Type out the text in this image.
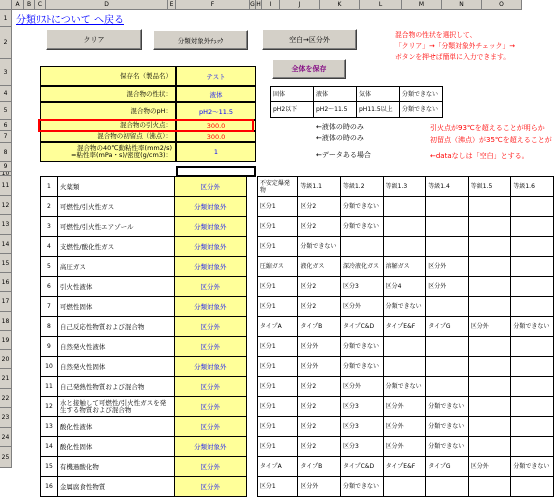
A	B	C	D	E	F	G H	I	J	K	L	M	N	O
1
2
3
4
5
6
7
8
9
10
11
12
13
14
15
16
17
18
19
20
21
22
23
24
25
分類ﾘｽﾄについて へ戻る
クリア	分類対象外ﾁｪｯｸ	空白→区分外
全体を保存
混合物の性状を選択して、
「クリア」→「分類対象外チェック」→
ボタンを押せば簡単に入力できます。
保存名（製品名）	テスト
混合物の性状：	液体
混合物のpH：	pH2～11.5
混合物の引火点：	300.0
混合物の初留点（沸点）：	300.0
混合物の40℃動粘性率(mm2/s)
=粘性率(mPa・s)/密度(g/cm3)：	1
固体	液体	気体	分類できない
pH2以下	pH2～11.5	pH11.5以上	分類できない
←液体の時のみ
←液体の時のみ
←データある場合
引火点が93℃を超えることが明らか
初留点（沸点）が35℃を超えることが
←dataなしは「空白」とする。
1	火薬類	区分外		不安定爆発物	等級1.1	等級1.2	等級1.3	等級1.4	等級1.5	等級1.6
2	可燃性/引火性ガス	分類対象外		区分1	区分2	分類できない				
3	可燃性/引火性エアゾール	分類対象外		区分1	区分2	分類できない				
4	支燃性/酸化性ガス	分類対象外		区分1	分類できない					
5	高圧ガス	分類対象外		圧縮ガス	液化ガス	深冷液化ガス	溶解ガス	区分外		
6	引火性液体	区分外		区分1	区分2	区分3	区分4	区分外		
7	可燃性固体	分類対象外		区分1	区分2	区分外	分類できない			
8	自己反応性物質および混合物	区分外		タイプA	タイプB	タイプC&D	タイプE&F	タイプG	区分外	分類できない
9	自然発火性液体	区分外		区分1	区分外	分類できない				
10	自然発火性固体	分類対象外		区分1	区分外	分類できない				
11	自己発熱性物質および混合物	区分外		区分1	区分2	区分外	分類できない			
12	水と接触して可燃性/引火性ガスを発生する物質および混合物	区分外		区分1	区分2	区分3	区分外	分類できない		
13	酸化性液体	区分外		区分1	区分2	区分3	区分外	分類できない		
14	酸化性固体	分類対象外		区分1	区分2	区分3	区分外	分類できない		
15	有機過酸化物	区分外		タイプA	タイプB	タイプC&D	タイプE&F	タイプG	区分外	分類できない
16	金属腐食性物質	区分外		区分1	区分外	分類できない				
